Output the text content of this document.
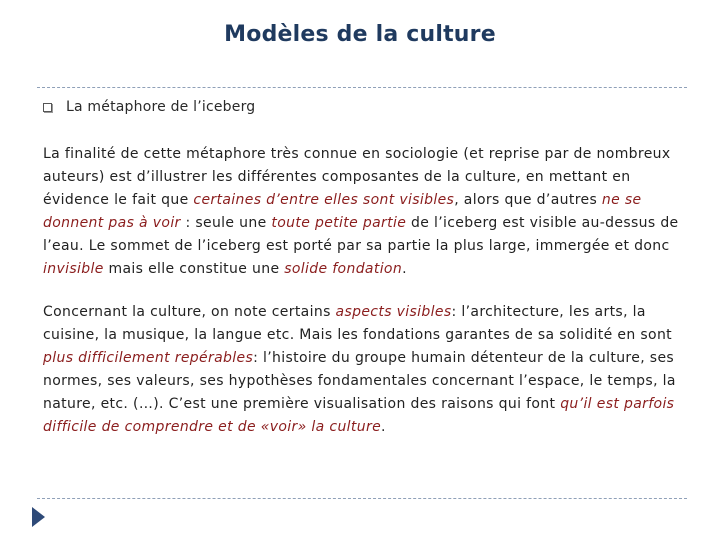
Modèles de la culture
La métaphore de l’iceberg
La finalité de cette métaphore très connue en sociologie (et reprise par de nombreux auteurs) est d’illustrer les différentes composantes de la culture, en mettant en évidence le fait que certaines d’entre elles sont visibles, alors que d’autres ne se donnent pas à voir : seule une toute petite partie de l’iceberg est visible au-dessus de l’eau. Le sommet de l’iceberg est porté par sa partie la plus large, immergée et donc invisible mais elle constitue une solide fondation.
Concernant la culture, on note certains aspects visibles: l’architecture, les arts, la cuisine, la musique, la langue etc. Mais les fondations garantes de sa solidité en sont plus difficilement repérables: l’histoire du groupe humain détenteur de la culture, ses normes, ses valeurs, ses hypothèses fondamentales concernant l’espace, le temps, la nature, etc. (…). C’est une première visualisation des raisons qui font qu’il est parfois difficile de comprendre et de «voir» la culture.
